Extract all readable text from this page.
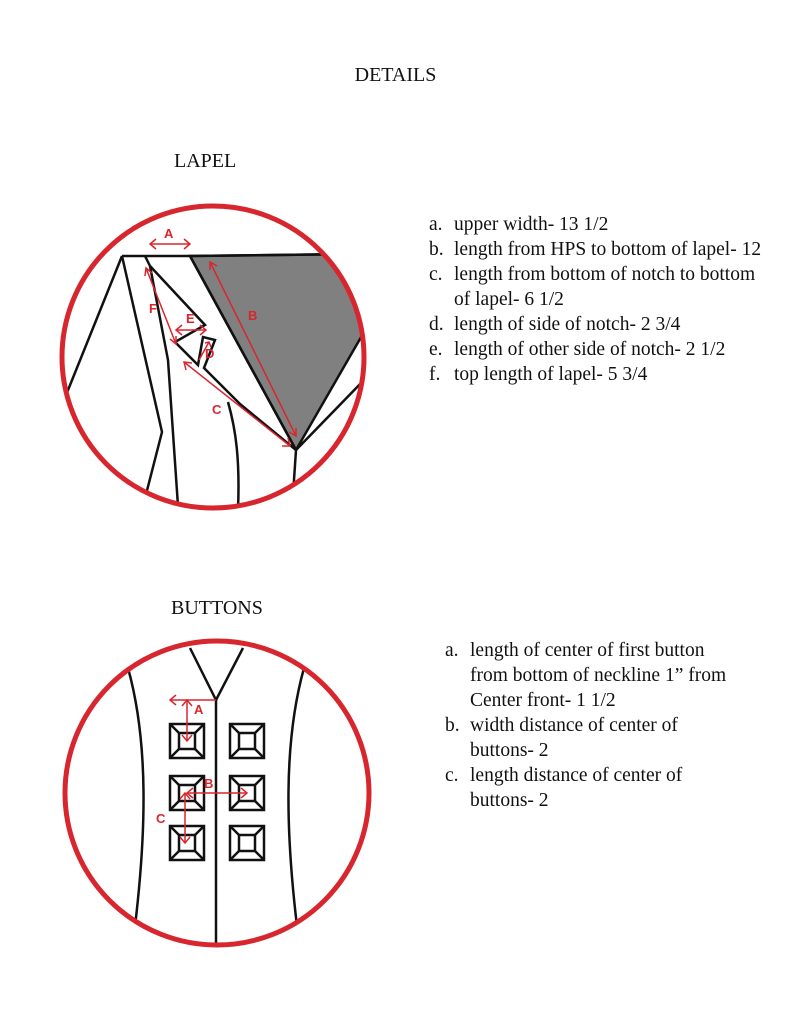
DETAILS
LAPEL
A
B
F
E
D
C
a. upper width- 13 1/2
b. length from HPS to bottom of lapel- 12
c. length from bottom of notch to bottom of lapel- 6 1/2
d. length of side of notch- 2 3/4
e. length of other side of notch- 2 1/2
f. top length of lapel- 5 3/4
BUTTONS
A
B
C
a. length of center of first button from bottom of neckline 1” from Center front- 1 1/2
b. width distance of center of buttons- 2
c. length distance of center of buttons- 2
